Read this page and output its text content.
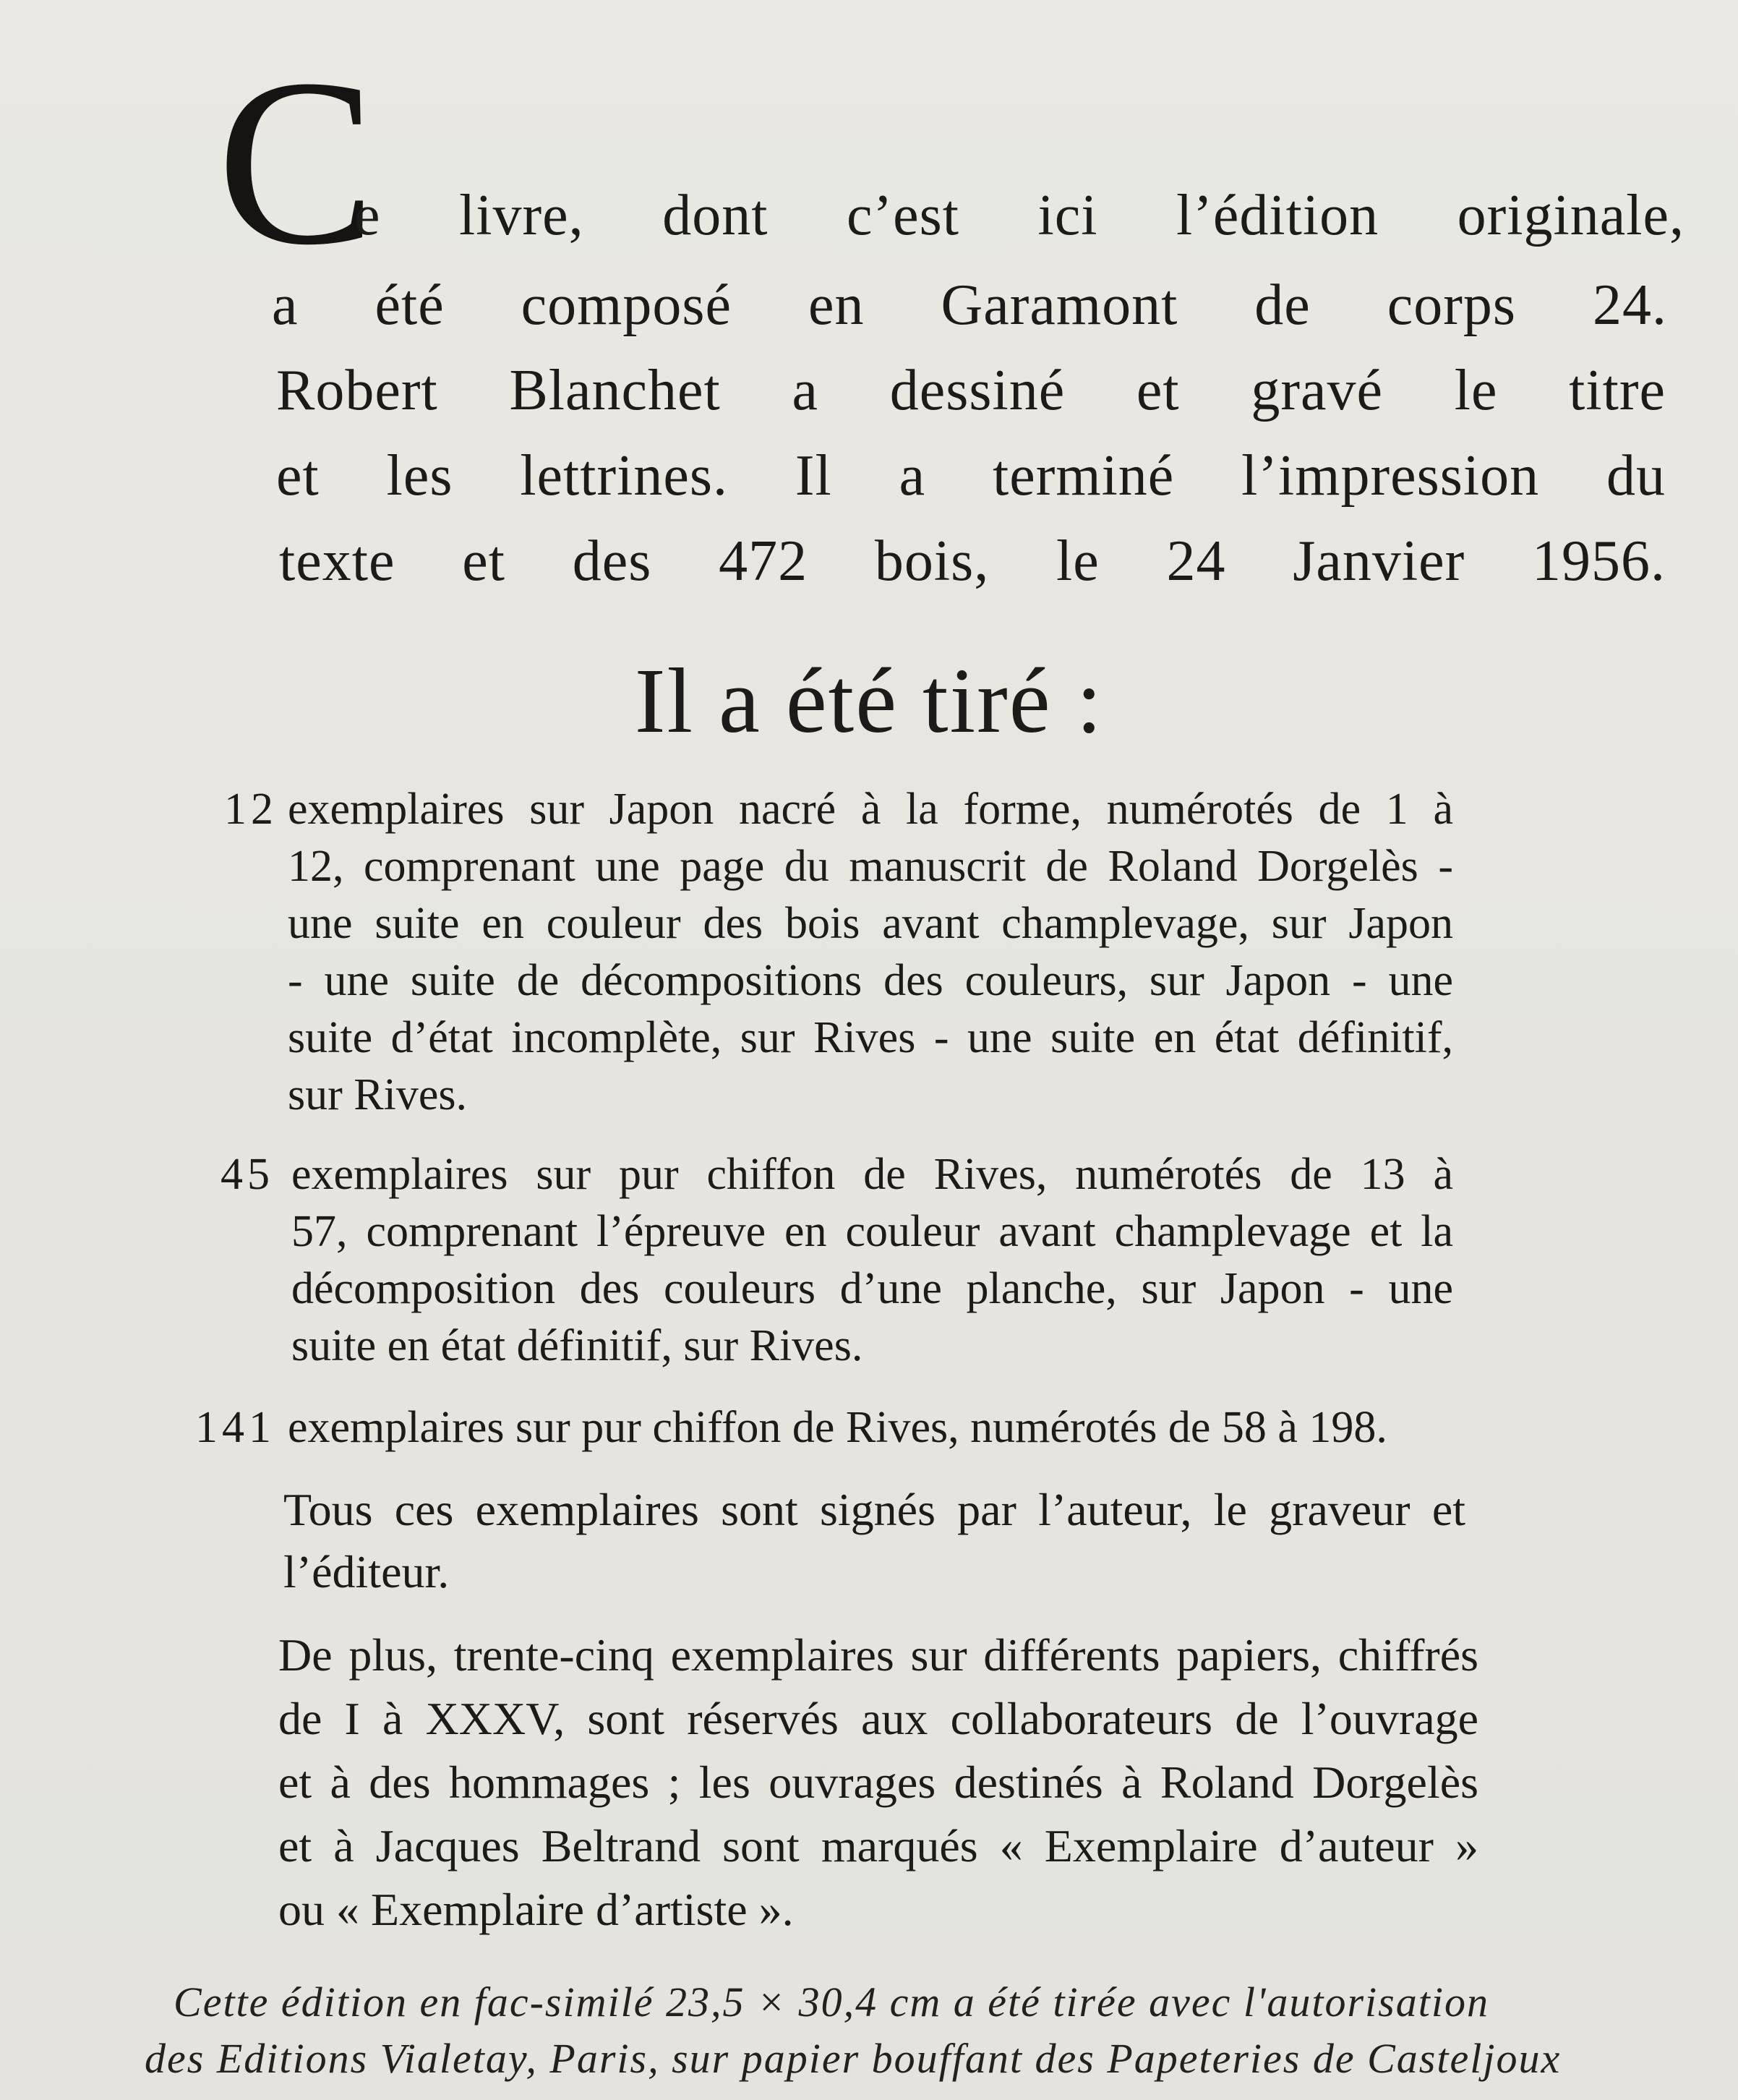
C
e livre, dont c’est ici l’édition originale,
a été composé en Garamont de corps 24.
Robert Blanchet a dessiné et gravé le titre
et les lettrines. Il a terminé l’impression du
texte et des 472 bois, le 24 Janvier 1956.
Il a été tiré :
12 exemplaires sur Japon nacré à la forme, numérotés de 1 à
12, comprenant une page du manuscrit de Roland Dorgelès -
une suite en couleur des bois avant champlevage, sur Japon
- une suite de décompositions des couleurs, sur Japon - une
suite d’état incomplète, sur Rives - une suite en état définitif,
sur Rives.
45 exemplaires sur pur chiffon de Rives, numérotés de 13 à
57, comprenant l’épreuve en couleur avant champlevage et la
décomposition des couleurs d’une planche, sur Japon - une
suite en état définitif, sur Rives.
141 exemplaires sur pur chiffon de Rives, numérotés de 58 à 198.
Tous ces exemplaires sont signés par l’auteur, le graveur et
l’éditeur.
De plus, trente-cinq exemplaires sur différents papiers, chiffrés
de I à XXXV, sont réservés aux collaborateurs de l’ouvrage
et à des hommages ; les ouvrages destinés à Roland Dorgelès
et à Jacques Beltrand sont marqués « Exemplaire d’auteur »
ou « Exemplaire d’artiste ».
Cette édition en fac-similé 23,5 × 30,4 cm a été tirée avec l'autorisation
des Editions Vialetay, Paris, sur papier bouffant des Papeteries de Casteljoux
